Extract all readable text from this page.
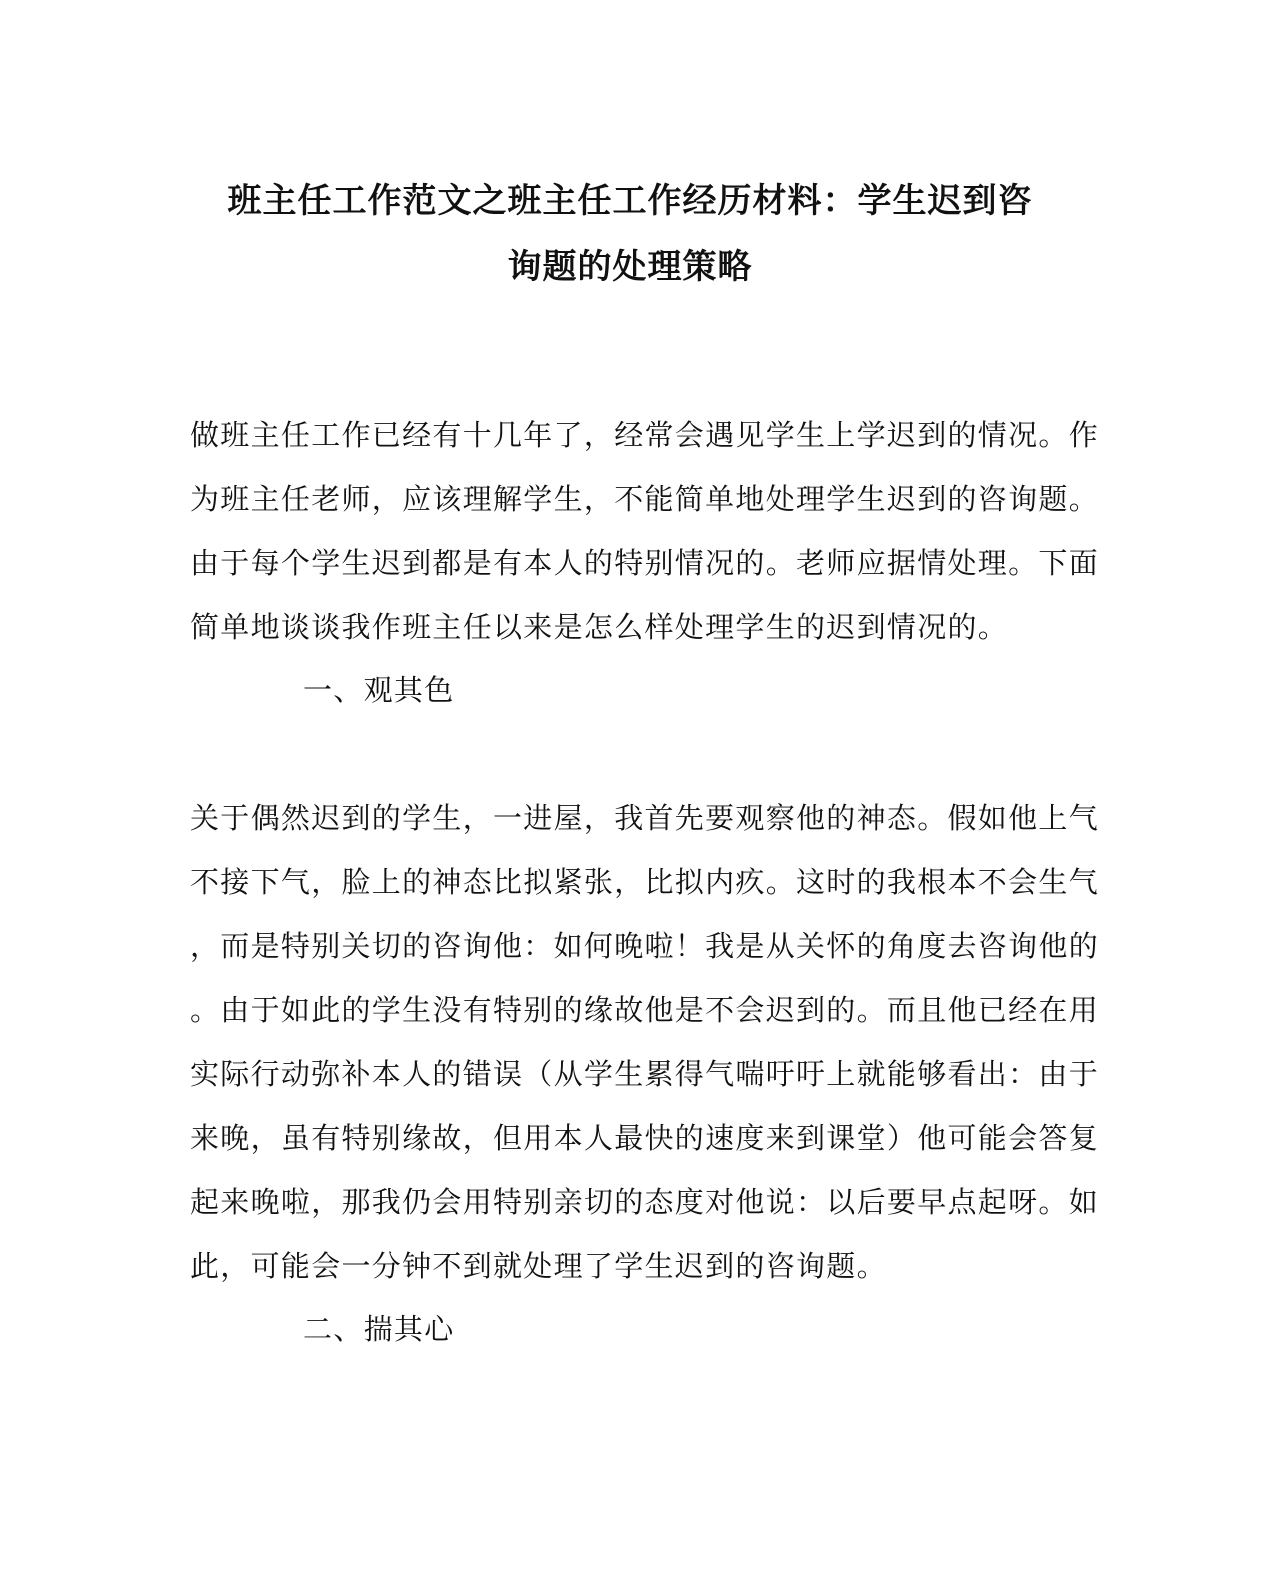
班主任工作范文之班主任工作经历材料：学生迟到咨
询题的处理策略
做班主任工作已经有十几年了，经常会遇见学生上学迟到的情况。作
为班主任老师，应该理解学生，不能简单地处理学生迟到的咨询题。
由于每个学生迟到都是有本人的特别情况的。老师应据情处理。下面
简单地谈谈我作班主任以来是怎么样处理学生的迟到情况的。
一、观其色
关于偶然迟到的学生，一进屋，我首先要观察他的神态。假如他上气
不接下气，脸上的神态比拟紧张，比拟内疚。这时的我根本不会生气
，而是特别关切的咨询他：如何晚啦！我是从关怀的角度去咨询他的
。由于如此的学生没有特别的缘故他是不会迟到的。而且他已经在用
实际行动弥补本人的错误（从学生累得气喘吁吁上就能够看出：由于
来晚，虽有特别缘故，但用本人最快的速度来到课堂）他可能会答复
起来晚啦，那我仍会用特别亲切的态度对他说：以后要早点起呀。如
此，可能会一分钟不到就处理了学生迟到的咨询题。
二、揣其心
